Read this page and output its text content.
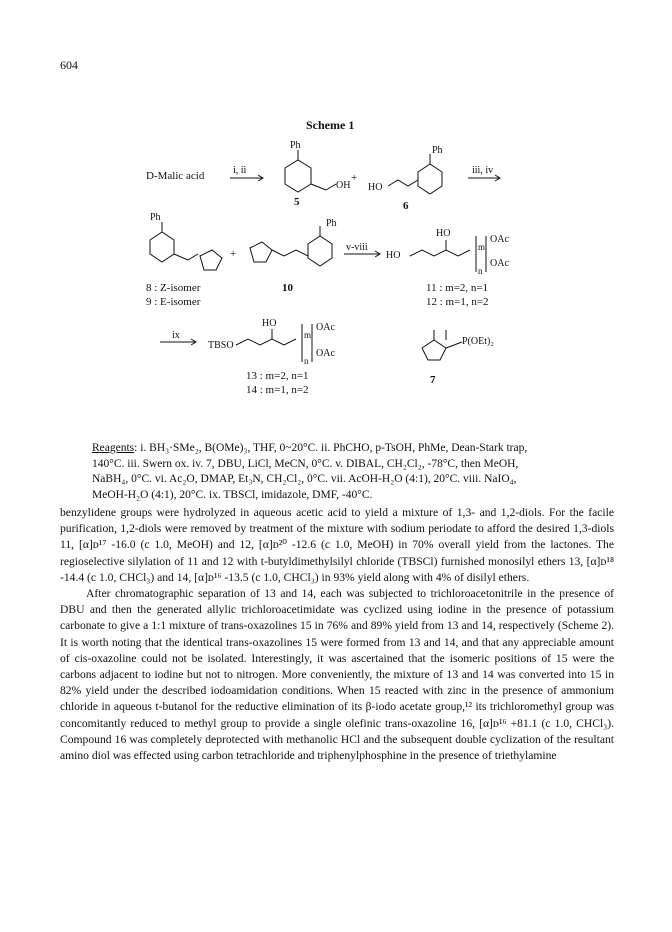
604
Scheme 1
D-Malic acid	i, ii
Ph
OH
5
+
HO
Ph
6
iii, iv
Ph
+
Ph
v-viii
HO
HO
OAc
m
OAc
n
8 : Z-isomer
9 : E-isomer
10	11 : m=2, n=1
12 : m=1, n=2
ix
TBSO
HO	OAc
m
OAc
n
P(OEt)₂
13 : m=2, n=1
14 : m=1, n=2
7
Reagents: i. BH₃·SMe₂, B(OMe)₃, THF, 0~20°C. ii. PhCHO, p-TsOH, PhMe, Dean-Stark trap,
140°C. iii. Swern ox. iv. 7, DBU, LiCl, MeCN, 0°C. v. DIBAL, CH₂Cl₂, -78°C, then MeOH,
NaBH₄, 0°C. vi. Ac₂O, DMAP, Et₃N, CH₂Cl₂, 0°C. vii. AcOH-H₂O (4:1), 20°C. viii. NaIO₄,
MeOH-H₂O (4:1), 20°C. ix. TBSCl, imidazole, DMF, -40°C.

benzylidene groups were hydrolyzed in aqueous acetic acid to yield a mixture of 1,3- and 1,2-diols. For the facile purification, 1,2-diols were removed by treatment of the mixture with sodium periodate to afford the desired 1,3-diols 11, [α]ᴅ¹⁷ -16.0 (c 1.0, MeOH) and 12, [α]ᴅ²⁰ -12.6 (c 1.0, MeOH) in 70% overall yield from the lactones. The regioselective silylation of 11 and 12 with t-butyldimethylsilyl chloride (TBSCl) furnished monosilyl ethers 13, [α]ᴅ¹⁸ -14.4 (c 1.0, CHCl₃) and 14, [α]ᴅ¹⁶ -13.5 (c 1.0, CHCl₃) in 93% yield along with 4% of disilyl ethers.

After chromatographic separation of 13 and 14, each was subjected to trichloroacetonitrile in the presence of DBU and then the generated allylic trichloroacetimidate was cyclized using iodine in the presence of potassium carbonate to give a 1:1 mixture of trans-oxazolines 15 in 76% and 89% yield from 13 and 14, respectively (Scheme 2). It is worth noting that the identical trans-oxazolines 15 were formed from 13 and 14, and that any appreciable amount of cis-oxazoline could not be isolated. Interestingly, it was ascertained that the isomeric positions of 15 were the carbons adjacent to iodine but not to nitrogen. More conveniently, the mixture of 13 and 14 was converted into 15 in 82% yield under the described iodoamidation conditions. When 15 reacted with zinc in the presence of ammonium chloride in aqueous t-butanol for the reductive elimination of its β-iodo acetate group,¹² its trichloromethyl group was concomitantly reduced to methyl group to provide a single olefinic trans-oxazoline 16, [α]ᴅ¹⁶ +81.1 (c 1.0, CHCl₃). Compound 16 was completely deprotected with methanolic HCl and the subsequent double cyclization of the resultant amino diol was effected using carbon tetrachloride and triphenylphosphine in the presence of triethylamine
